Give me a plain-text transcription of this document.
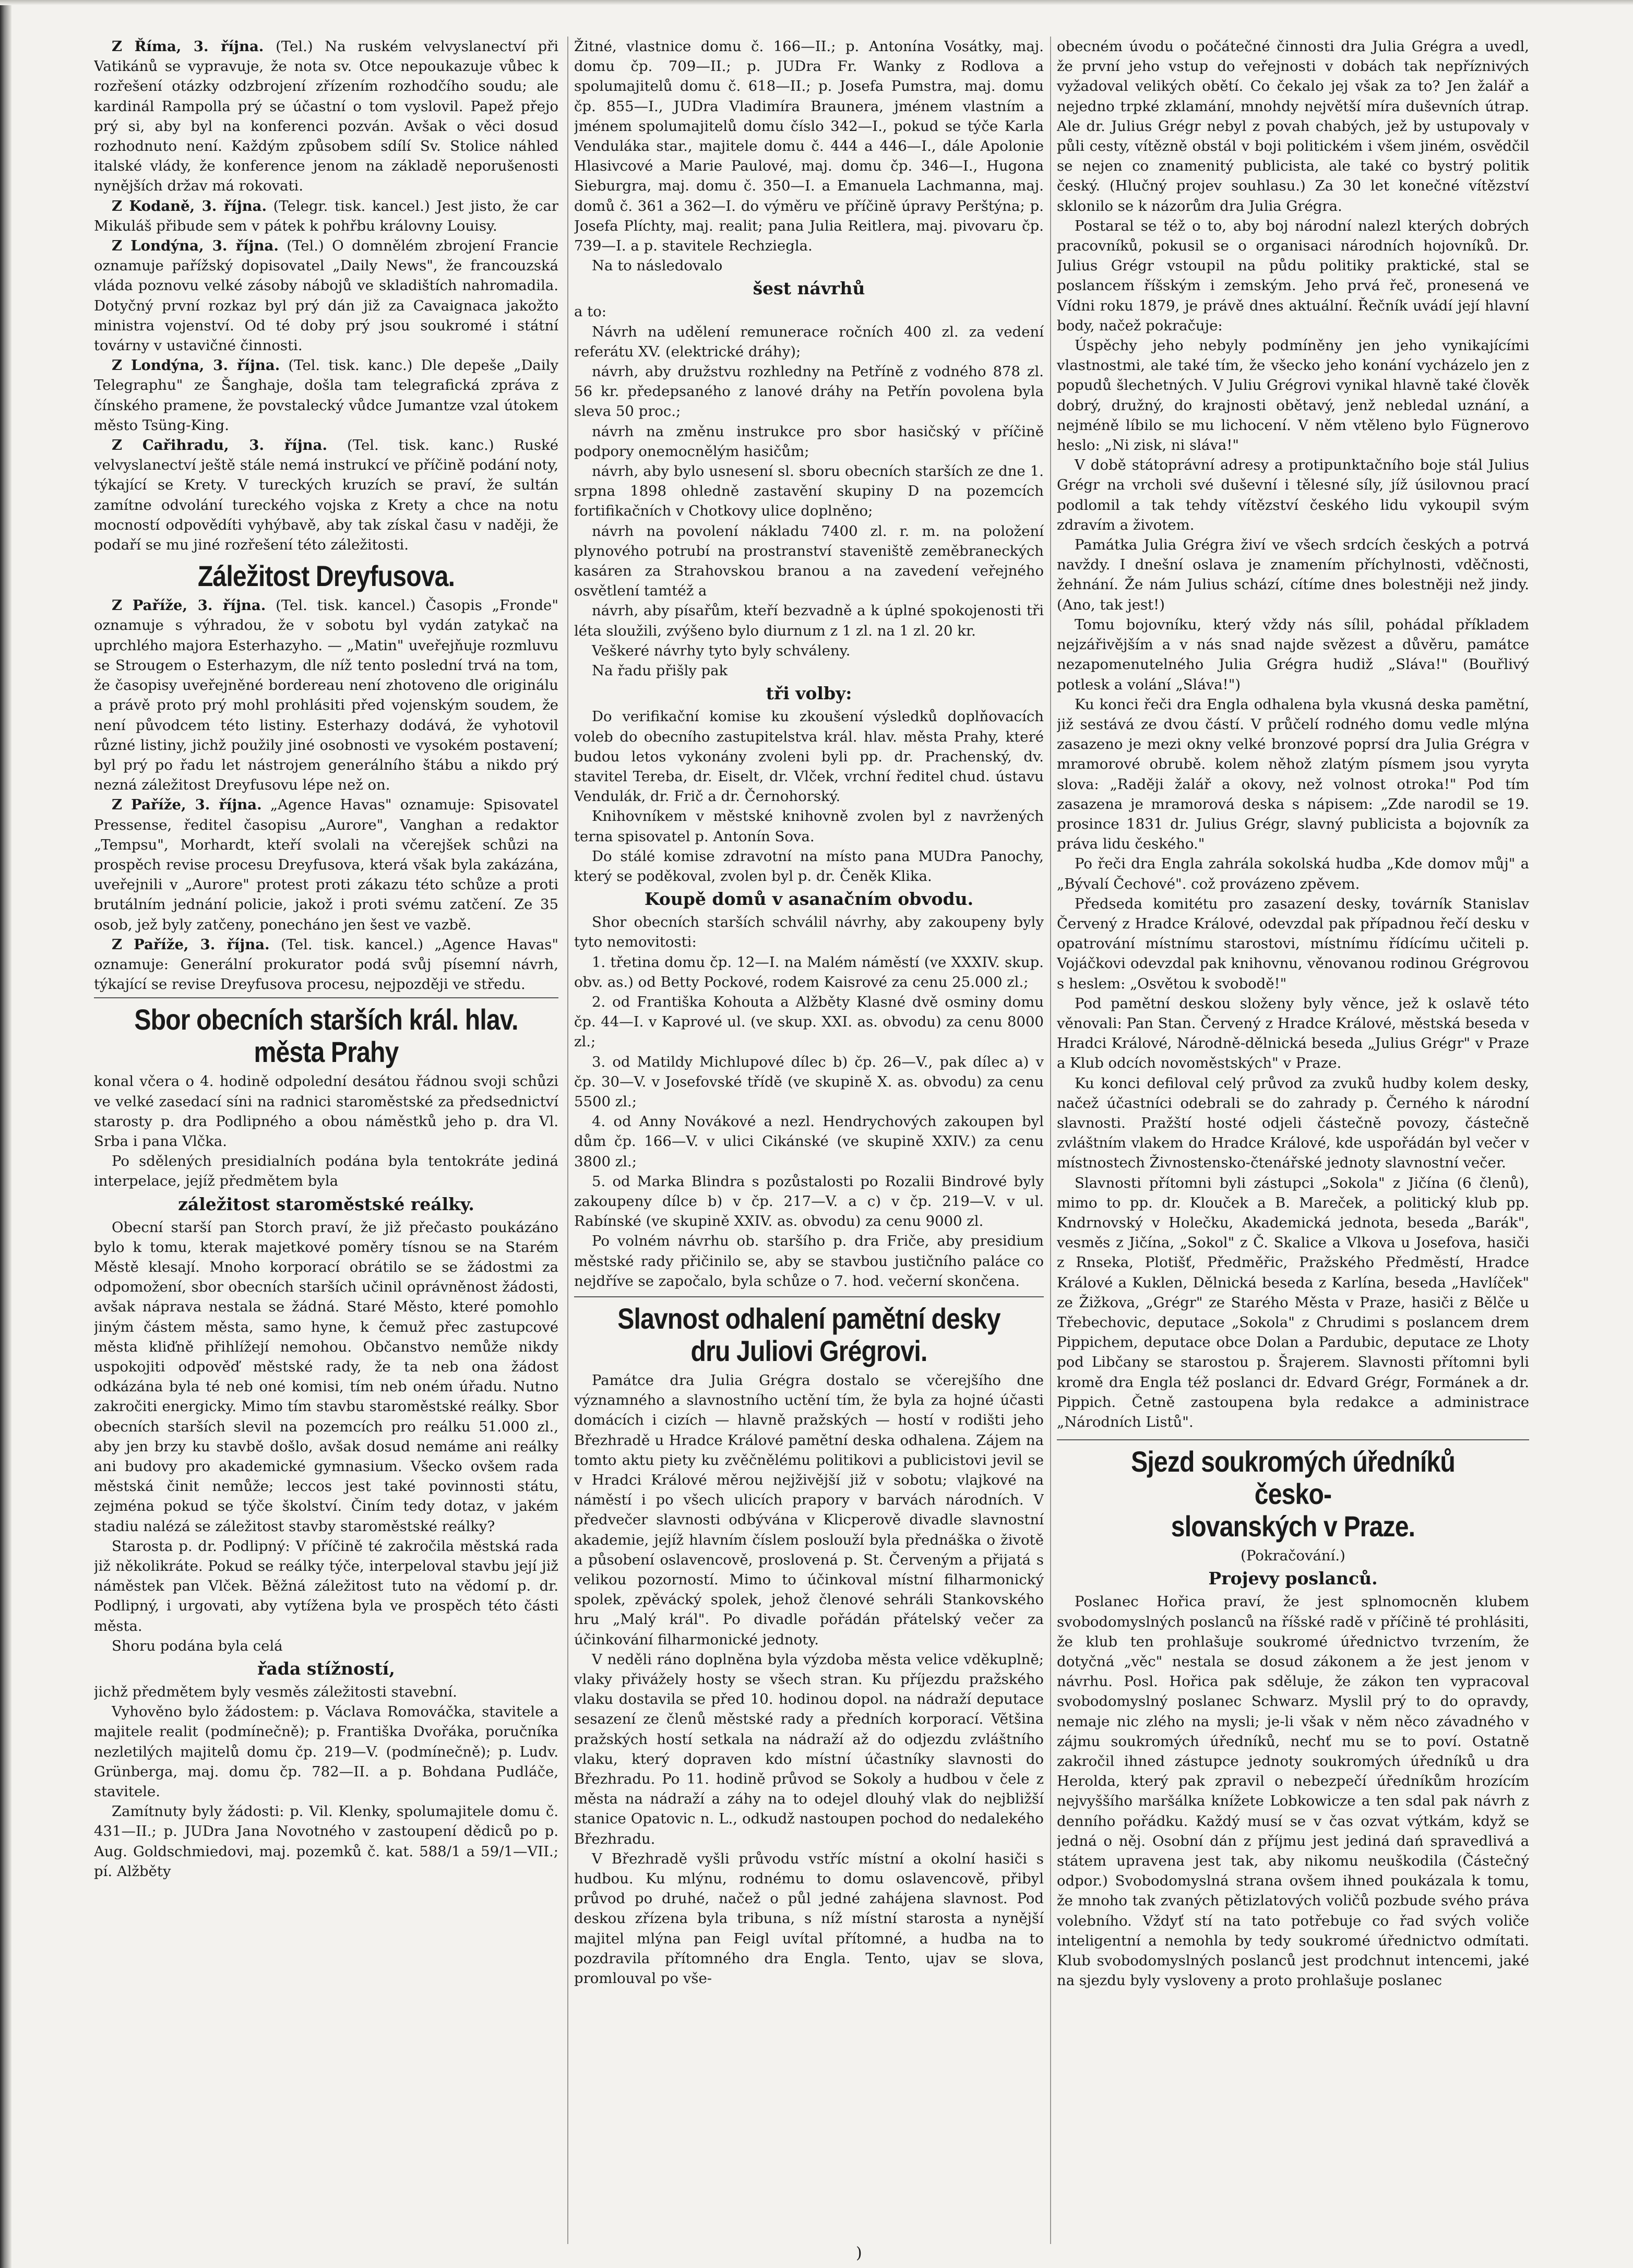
Z Říma, 3. října. (Tel.) Na ruském velvyslanectví při Vatikánů se vypravuje, že nota sv. Otce nepoukazuje vůbec k rozřešení otázky odzbrojení zřízením rozhodčího soudu; ale kardinál Rampolla prý se účastní o tom vyslovil. Papež přejo prý si, aby byl na konferenci pozván. Avšak o věci dosud rozhodnuto není. Každým způsobem sdílí Sv. Stolice náhled italské vlády, že konference jenom na základě neporušenosti nynějších držav má rokovati.

Z Kodaně, 3. října. (Telegr. tisk. kancel.) Jest jisto, že car Mikuláš přibude sem v pátek k pohřbu královny Louisy.

Z Londýna, 3. října. (Tel.) O domnělém zbrojení Francie oznamuje pařížský dopisovatel „Daily News", že francouzská vláda poznovu velké zásoby nábojů ve skladištích nahromadila. Dotyčný první rozkaz byl prý dán již za Cavaignaca jakožto ministra vojenství. Od té doby prý jsou soukromé i státní továrny v ustavičné činnosti.

Z Londýna, 3. října. (Tel. tisk. kanc.) Dle depeše „Daily Telegraphu" ze Šanghaje, došla tam telegrafická zpráva z čínského pramene, že povstalecký vůdce Jumantze vzal útokem město Tsüng-King.

Z Cařihradu, 3. října. (Tel. tisk. kanc.) Ruské velvyslanectví ještě stále nemá instrukcí ve příčině podání noty, týkající se Krety. V tureckých kruzích se praví, že sultán zamítne odvolání tureckého vojska z Krety a chce na notu mocností odpovědíti vyhýbavě, aby tak získal času v naději, že podaří se mu jiné rozřešení této záležitosti.

Záležitost Dreyfusova.

Z Paříže, 3. října. (Tel. tisk. kancel.) Časopis „Fronde" oznamuje s výhradou, že v sobotu byl vydán zatykač na uprchlého majora Esterhazyho. — „Matin" uveřejňuje rozmluvu se Strougem o Esterhazym, dle níž tento poslední trvá na tom, že časopisy uveřejněné bordereau není zhotoveno dle originálu a právě proto prý mohl prohlásiti před vojenským soudem, že není původcem této listiny. Esterhazy dodává, že vyhotovil různé listiny, jichž použily jiné osobnosti ve vysokém postavení; byl prý po řadu let nástrojem generálního štábu a nikdo prý nezná záležitost Dreyfusovu lépe než on.

Z Paříže, 3. října. „Agence Havas" oznamuje: Spisovatel Pressense, ředitel časopisu „Aurore", Vanghan a redaktor „Tempsu", Morhardt, kteří svolali na včerejšek schůzi na prospěch revise procesu Dreyfusova, která však byla zakázána, uveřejnili v „Aurore" protest proti zákazu této schůze a proti brutálním jednání policie, jakož i proti svému zatčení. Ze 35 osob, jež byly zatčeny, ponecháno jen šest ve vazbě.

Z Paříže, 3. října. (Tel. tisk. kancel.) „Agence Havas" oznamuje: Generální prokurator podá svůj písemní návrh, týkající se revise Dreyfusova procesu, nejpozději ve středu.

Sbor obecních starších král. hlav.
města Prahy

konal včera o 4. hodině odpolední desátou řádnou svoji schůzi ve velké zasedací síni na radnici staroměstské za předsednictví starosty p. dra Podlipného a obou náměstků jeho p. dra Vl. Srba i pana Vlčka.

Po sdělených presidialních podána byla tentokráte jediná interpelace, jejíž předmětem byla

záležitost staroměstské reálky.

Obecní starší pan Storch praví, že již přečasto poukázáno bylo k tomu, kterak majetkové poměry tísnou se na Starém Městě klesají. Mnoho korporací obrátilo se se žádostmi za odpomožení, sbor obecních starších učinil oprávněnost žádosti, avšak náprava nestala se žádná. Staré Město, které pomohlo jiným částem města, samo hyne, k čemuž přec zastupcové města kliďně přihlížejí nemohou. Občanstvo nemůže nikdy uspokojiti odpověď městské rady, že ta neb ona žádost odkázána byla té neb oné komisi, tím neb oném úřadu. Nutno zakročiti energicky. Mimo tím stavbu staroměstské reálky. Sbor obecních starších slevil na pozemcích pro reálku 51.000 zl., aby jen brzy ku stavbě došlo, avšak dosud nemáme ani reálky ani budovy pro akademické gymnasium. Všecko ovšem rada městská činit nemůže; leccos jest také povinnosti státu, zejména pokud se týče školství. Činím tedy dotaz, v jakém stadiu nalézá se záležitost stavby staroměstské reálky?

Starosta p. dr. Podlipný: V příčině té zakročila městská rada již několikráte. Pokud se reálky týče, interpeloval stavbu její již náměstek pan Vlček. Běžná záležitost tuto na vědomí p. dr. Podlipný, i urgovati, aby vytížena byla ve prospěch této části města.

Shoru podána byla celá

řada stížností,

jichž předmětem byly vesměs záležitosti stavební.

Vyhověno bylo žádostem: p. Václava Romováčka, stavitele a majitele realit (podmínečně); p. Františka Dvořáka, poručníka nezletilých majitelů domu čp. 219—V. (podmínečně); p. Ludv. Grünberga, maj. domu čp. 782—II. a p. Bohdana Pudláče, stavitele.

Zamítnuty byly žádosti: p. Vil. Klenky, spolumajitele domu č. 431—II.; p. JUDra Jana Novotného v zastoupení dědiců po p. Aug. Goldschmiedovi, maj. pozemků č. kat. 588/1 a 59/1—VII.; pí. Alžběty

Žitné, vlastnice domu č. 166—II.; p. Antonína Vosátky, maj. domu čp. 709—II.; p. JUDra Fr. Wanky z Rodlova a spolumajitelů domu č. 618—II.; p. Josefa Pumstra, maj. domu čp. 855—I., JUDra Vladimíra Braunera, jménem vlastním a jménem spolumajitelů domu číslo 342—I., pokud se týče Karla Venduláka star., majitele domu č. 444 a 446—I., dále Apolonie Hlasivcové a Marie Paulové, maj. domu čp. 346—I., Hugona Sieburgra, maj. domu č. 350—I. a Emanuela Lachmanna, maj. domů č. 361 a 362—I. do výměru ve příčině úpravy Perštýna; p. Josefa Plíchty, maj. realit; pana Julia Reitlera, maj. pivovaru čp. 739—I. a p. stavitele Rechziegla.

Na to následovalo

šest návrhů

a to:

Návrh na udělení remunerace ročních 400 zl. za vedení referátu XV. (elektrické dráhy);

návrh, aby družstvu rozhledny na Petříně z vodného 878 zl. 56 kr. předepsaného z lanové dráhy na Petřín povolena byla sleva 50 proc.;

návrh na změnu instrukce pro sbor hasičský v příčině podpory onemocnělým hasičům;

návrh, aby bylo usnesení sl. sboru obecních starších ze dne 1. srpna 1898 ohledně zastavění skupiny D na pozemcích fortifikačních v Chotkovy ulice doplněno;

návrh na povolení nákladu 7400 zl. r. m. na položení plynového potrubí na prostranství staveniště zeměbraneckých kasáren za Strahovskou branou a na zavedení veřejného osvětlení tamtéž a

návrh, aby písařům, kteří bezvadně a k úplné spokojenosti tři léta sloužili, zvýšeno bylo diurnum z 1 zl. na 1 zl. 20 kr.

Veškeré návrhy tyto byly schváleny.

Na řadu přišly pak

tři volby:

Do verifikační komise ku zkoušení výsledků doplňovacích voleb do obecního zastupitelstva král. hlav. města Prahy, které budou letos vykonány zvoleni byli pp. dr. Prachenský, dv. stavitel Tereba, dr. Eiselt, dr. Vlček, vrchní ředitel chud. ústavu Vendulák, dr. Frič a dr. Černohorský.

Knihovníkem v městské knihovně zvolen byl z navržených terna spisovatel p. Antonín Sova.

Do stálé komise zdravotní na místo pana MUDra Panochy, který se poděkoval, zvolen byl p. dr. Čeněk Klika.

Koupě domů v asanačním obvodu.

Shor obecních starších schválil návrhy, aby zakoupeny byly tyto nemovitosti:

1. třetina domu čp. 12—I. na Malém náměstí (ve XXXIV. skup. obv. as.) od Betty Pockové, rodem Kaisrové za cenu 25.000 zl.;

2. od Františka Kohouta a Alžběty Klasné dvě osminy domu čp. 44—I. v Kaprové ul. (ve skup. XXI. as. obvodu) za cenu 8000 zl.;

3. od Matildy Michlupové dílec b) čp. 26—V., pak dílec a) v čp. 30—V. v Josefovské třídě (ve skupině X. as. obvodu) za cenu 5500 zl.;

4. od Anny Novákové a nezl. Hendrychových zakoupen byl dům čp. 166—V. v ulici Cikánské (ve skupině XXIV.) za cenu 3800 zl.;

5. od Marka Blindra s pozůstalosti po Rozalii Bindrové byly zakoupeny dílce b) v čp. 217—V. a c) v čp. 219—V. v ul. Rabínské (ve skupině XXIV. as. obvodu) za cenu 9000 zl.

Po volném návrhu ob. staršího p. dra Friče, aby presidium městské rady přičinilo se, aby se stavbou justičního paláce co nejdříve se započalo, byla schůze o 7. hod. večerní skončena.

Slavnost odhalení pamětní desky
dru Juliovi Grégrovi.

Památce dra Julia Grégra dostalo se včerejšího dne významného a slavnostního uctění tím, že byla za hojné účasti domácích i cizích — hlavně pražských — hostí v rodišti jeho Březhradě u Hradce Králové pamětní deska odhalena. Zájem na tomto aktu piety ku zvěčnělému politikovi a publicistovi jevil se v Hradci Králové měrou nejživější již v sobotu; vlajkové na náměstí i po všech ulicích prapory v barvách národních. V předvečer slavnosti odbývána v Klicperově divadle slavnostní akademie, jejíž hlavním číslem poslouží byla přednáška o životě a působení oslavencově, proslovená p. St. Červeným a přijatá s velikou pozorností. Mimo to účinkoval místní filharmonický spolek, zpěvácký spolek, jehož členové sehráli Stankovského hru „Malý král". Po divadle pořádán přátelský večer za účinkování filharmonické jednoty.

V neděli ráno doplněna byla výzdoba města velice vděkuplně; vlaky přivážely hosty se všech stran. Ku příjezdu pražského vlaku dostavila se před 10. hodinou dopol. na nádraží deputace sesazení ze členů městské rady a předních korporací. Většina pražských hostí setkala na nádraží až do odjezdu zvláštního vlaku, který dopraven kdo místní účastníky slavnosti do Březhradu. Po 11. hodině průvod se Sokoly a hudbou v čele z města na nádraží a záhy na to odejel dlouhý vlak do nejbližší stanice Opatovic n. L., odkudž nastoupen pochod do nedalekého Březhradu.

V Březhradě vyšli průvodu vstříc místní a okolní hasiči s hudbou. Ku mlýnu, rodnému to domu oslavencově, přibyl průvod po druhé, načež o půl jedné zahájena slavnost. Pod deskou zřízena byla tribuna, s níž místní starosta a nynější majitel mlýna pan Feigl uvítal přítomné, a hudba na to pozdravila přítomného dra Engla. Tento, ujav se slova, promlouval po vše-

obecném úvodu o počátečné činnosti dra Julia Grégra a uvedl, že první jeho vstup do veřejnosti v dobách tak nepříznivých vyžadoval velikých obětí. Co čekalo jej však za to? Jen žalář a nejedno trpké zklamání, mnohdy největší míra duševních útrap. Ale dr. Julius Grégr nebyl z povah chabých, jež by ustupovaly v půli cesty, vítězně obstál v boji politickém i všem jiném, osvědčil se nejen co znamenitý publicista, ale také co bystrý politik český. (Hlučný projev souhlasu.) Za 30 let konečné vítězství sklonilo se k názorům dra Julia Grégra.

Postaral se též o to, aby boj národní nalezl kterých dobrých pracovníků, pokusil se o organisaci národních hojovníků. Dr. Julius Grégr vstoupil na půdu politiky praktické, stal se poslancem říšským i zemským. Jeho prvá řeč, pronesená ve Vídni roku 1879, je právě dnes aktuální. Řečník uvádí její hlavní body, načež pokračuje:

Úspěchy jeho nebyly podmíněny jen jeho vynikajícími vlastnostmi, ale také tím, že všecko jeho konání vycházelo jen z popudů šlechetných. V Juliu Grégrovi vynikal hlavně také člověk dobrý, družný, do krajnosti obětavý, jenž nebledal uznání, a nejméně líbilo se mu lichocení. V něm vtěleno bylo Fügnerovo heslo: „Ni zisk, ni sláva!"

V době státoprávní adresy a protipunktačního boje stál Julius Grégr na vrcholi své duševní i tělesné síly, jíž úsilovnou prací podlomil a tak tehdy vítězství českého lidu vykoupil svým zdravím a životem.

Památka Julia Grégra živí ve všech srdcích českých a potrvá navždy. I dnešní oslava je znamením příchylnosti, vděčnosti, žehnání. Že nám Julius schází, cítíme dnes bolestněji než jindy. (Ano, tak jest!)

Tomu bojovníku, který vždy nás sílil, pohádal příkladem nejzářivějším a v nás snad najde svězest a důvěru, památce nezapomenutelného Julia Grégra hudiž „Sláva!" (Bouřlivý potlesk a volání „Sláva!")

Ku konci řeči dra Engla odhalena byla vkusná deska pamětní, již sestává ze dvou částí. V průčelí rodného domu vedle mlýna zasazeno je mezi okny velké bronzové poprsí dra Julia Grégra v mramorové obrubě. kolem něhož zlatým písmem jsou vyryta slova: „Raději žalář a okovy, než volnost otroka!" Pod tím zasazena je mramorová deska s nápisem: „Zde narodil se 19. prosince 1831 dr. Julius Grégr, slavný publicista a bojovník za práva lidu českého."

Po řeči dra Engla zahrála sokolská hudba „Kde domov můj" a „Bývalí Čechové". což provázeno zpěvem.

Předseda komitétu pro zasazení desky, továrník Stanislav Červený z Hradce Králové, odevzdal pak případnou řečí desku v opatrování místnímu starostovi, místnímu řídícímu učiteli p. Vojáčkovi odevzdal pak knihovnu, věnovanou rodinou Grégrovou s heslem: „Osvětou k svobodě!"

Pod pamětní deskou složeny byly věnce, jež k oslavě této věnovali: Pan Stan. Červený z Hradce Králové, městská beseda v Hradci Králové, Národně-dělnická beseda „Julius Grégr" v Praze a Klub odcích novoměstských" v Praze.

Ku konci defiloval celý průvod za zvuků hudby kolem desky, načež účastníci odebrali se do zahrady p. Černého k národní slavnosti. Pražští hosté odjeli částečně povozy, částečně zvláštním vlakem do Hradce Králové, kde uspořádán byl večer v místnostech Živnostensko-čtenářské jednoty slavnostní večer.

Slavnosti přítomni byli zástupci „Sokola" z Jičína (6 členů), mimo to pp. dr. Klouček a B. Mareček, a politický klub pp. Kndrnovský v Holečku, Akademická jednota, beseda „Barák", vesměs z Jičína, „Sokol" z Č. Skalice a Vlkova u Josefova, hasiči z Rnseka, Plotišť, Předměřic, Pražského Předměstí, Hradce Králové a Kuklen, Dělnická beseda z Karlína, beseda „Havlíček" ze Žižkova, „Grégr" ze Starého Města v Praze, hasiči z Bělče u Třebechovic, deputace „Sokola" z Chrudimi s poslancem drem Pippichem, deputace obce Dolan a Pardubic, deputace ze Lhoty pod Libčany se starostou p. Šrajerem. Slavnosti přítomni byli kromě dra Engla též poslanci dr. Edvard Grégr, Formánek a dr. Pippich. Četně zastoupena byla redakce a administrace „Národních Listů".

Sjezd soukromých úředníků česko-
slovanských v Praze.

(Pokračování.)

Projevy poslanců.

Poslanec Hořica praví, že jest splnomocněn klubem svobodomyslných poslanců na říšské radě v příčině té prohlásiti, že klub ten prohlašuje soukromé úřednictvo tvrzením, že dotyčná „věc" nestala se dosud zákonem a že jest jenom v návrhu. Posl. Hořica pak sděluje, že zákon ten vypracoval svobodomyslný poslanec Schwarz. Myslil prý to do opravdy, nemaje nic zlého na mysli; je-li však v něm něco závadného v zájmu soukromých úředníků, nechť mu se to poví. Ostatně zakročil ihned zástupce jednoty soukromých úředníků u dra Herolda, který pak zpravil o nebezpečí úředníkům hrozícím nejvyššího maršálka knížete Lobkowicze a ten sdal pak návrh z denního pořádku. Každý musí se v čas ozvat výtkám, když se jedná o něj. Osobní dán z příjmu jest jediná dań spravedlivá a státem upravena jest tak, aby nikomu neuškodila (Částečný odpor.) Svobodomyslná strana ovšem ihned poukázala k tomu, že mnoho tak zvaných pětizlatových voličů pozbude svého práva volebního. Vždyť stí na tato potřebuje co řad svých voliče inteligentní a nemohla by tedy soukromé úřednictvo odmítati. Klub svobodomyslných poslanců jest prodchnut intencemi, jaké na sjezdu byly vysloveny a proto prohlašuje poslanec

)
